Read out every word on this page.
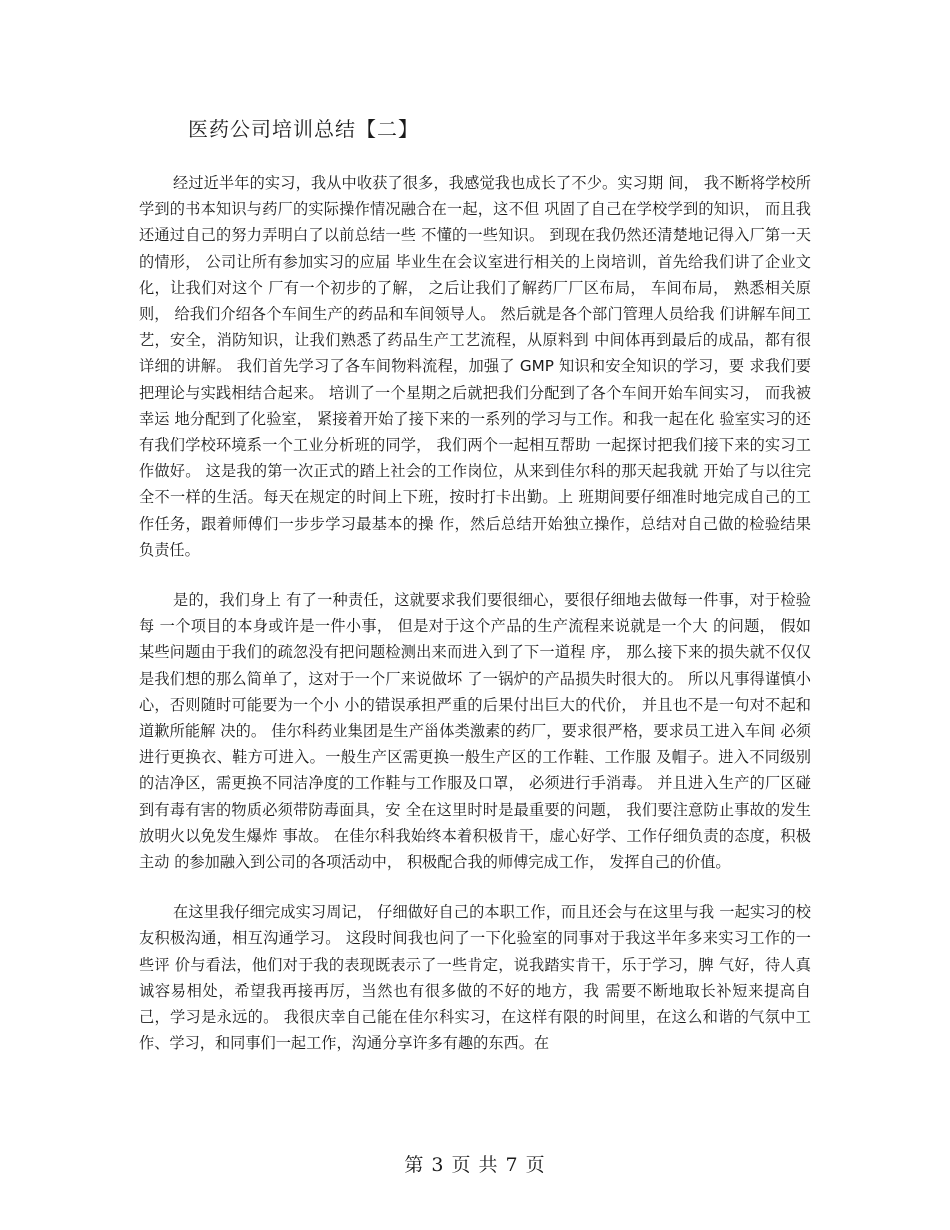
医药公司培训总结【二】

经过近半年的实习，我从中收获了很多，我感觉我也成长了不少。实习期 间， 我不断将学校所学到的书本知识与药厂的实际操作情况融合在一起，这不但 巩固了自己在学校学到的知识， 而且我还通过自己的努力弄明白了以前总结一些 不懂的一些知识。 到现在我仍然还清楚地记得入厂第一天的情形， 公司让所有参加实习的应届 毕业生在会议室进行相关的上岗培训，首先给我们讲了企业文化，让我们对这个 厂有一个初步的了解， 之后让我们了解药厂厂区布局， 车间布局， 熟悉相关原则， 给我们介绍各个车间生产的药品和车间领导人。 然后就是各个部门管理人员给我 们讲解车间工艺，安全，消防知识，让我们熟悉了药品生产工艺流程，从原料到 中间体再到最后的成品，都有很详细的讲解。 我们首先学习了各车间物料流程，加强了 GMP 知识和安全知识的学习，要 求我们要把理论与实践相结合起来。 培训了一个星期之后就把我们分配到了各个车间开始车间实习， 而我被幸运 地分配到了化验室， 紧接着开始了接下来的一系列的学习与工作。和我一起在化 验室实习的还有我们学校环境系一个工业分析班的同学， 我们两个一起相互帮助 一起探讨把我们接下来的实习工作做好。 这是我的第一次正式的踏上社会的工作岗位，从来到佳尔科的那天起我就 开始了与以往完全不一样的生活。每天在规定的时间上下班，按时打卡出勤。上 班期间要仔细准时地完成自己的工作任务，跟着师傅们一步步学习最基本的操 作，然后总结开始独立操作，总结对自己做的检验结果负责任。

是的，我们身上 有了一种责任，这就要求我们要很细心，要很仔细地去做每一件事，对于检验每 一个项目的本身或许是一件小事， 但是对于这个产品的生产流程来说就是一个大 的问题， 假如某些问题由于我们的疏忽没有把问题检测出来而进入到了下一道程 序， 那么接下来的损失就不仅仅是我们想的那么简单了，这对于一个厂来说做坏 了一锅炉的产品损失时很大的。 所以凡事得谨慎小心，否则随时可能要为一个小 小的错误承担严重的后果付出巨大的代价， 并且也不是一句对不起和道歉所能解 决的。 佳尔科药业集团是生产甾体类激素的药厂，要求很严格，要求员工进入车间 必须进行更换衣、鞋方可进入。一般生产区需更换一般生产区的工作鞋、工作服 及帽子。进入不同级别的洁净区，需更换不同洁净度的工作鞋与工作服及口罩， 必须进行手消毒。 并且进入生产的厂区碰到有毒有害的物质必须带防毒面具，安 全在这里时时是最重要的问题， 我们要注意防止事故的发生放明火以免发生爆炸 事故。 在佳尔科我始终本着积极肯干，虚心好学、工作仔细负责的态度，积极主动 的参加融入到公司的各项活动中， 积极配合我的师傅完成工作， 发挥自己的价值。

在这里我仔细完成实习周记， 仔细做好自己的本职工作，而且还会与在这里与我 一起实习的校友积极沟通，相互沟通学习。 这段时间我也问了一下化验室的同事对于我这半年多来实习工作的一些评 价与看法，他们对于我的表现既表示了一些肯定，说我踏实肯干，乐于学习，脾 气好，待人真诚容易相处，希望我再接再厉，当然也有很多做的不好的地方，我 需要不断地取长补短来提高自己，学习是永远的。 我很庆幸自己能在佳尔科实习，在这样有限的时间里，在这么和谐的气氛中工作、学习，和同事们一起工作，沟通分享许多有趣的东西。在

第 3 页 共 7 页
